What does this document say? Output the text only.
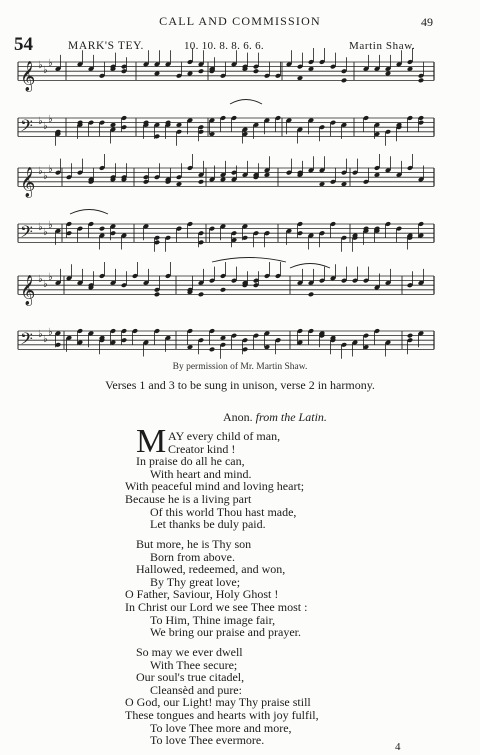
CALL AND COMMISSION	49
54	MARK'S TEY.	10. 10. 8. 8. 6. 6.	Martin Shaw.
𝄞 ♭ ♭
♭
𝄢 ♭ ♭
♭
𝄞 ♭ ♭
♭
𝄢 ♭ ♭
♭
𝄞 ♭ ♭
♭
𝄢 ♭ ♭
♭
By permission of Mr. Martin Shaw.
Verses 1 and 3 to be sung in unison, verse 2 in harmony.
Anon. from the Latin.
M AY every child of man,
Creator kind !
In praise do all he can,
With heart and mind.
With peaceful mind and loving heart;
Because he is a living part
Of this world Thou hast made,
Let thanks be duly paid.
But more, he is Thy son
Born from above.
Hallowed, redeemed, and won,
By Thy great love;
O Father, Saviour, Holy Ghost !
In Christ our Lord we see Thee most :
To Him, Thine image fair,
We bring our praise and prayer.
So may we ever dwell
With Thee secure;
Our soul's true citadel,
Cleansèd and pure:
O God, our Light! may Thy praise still
These tongues and hearts with joy fulfil,
To love Thee more and more,
To love Thee evermore.	4
